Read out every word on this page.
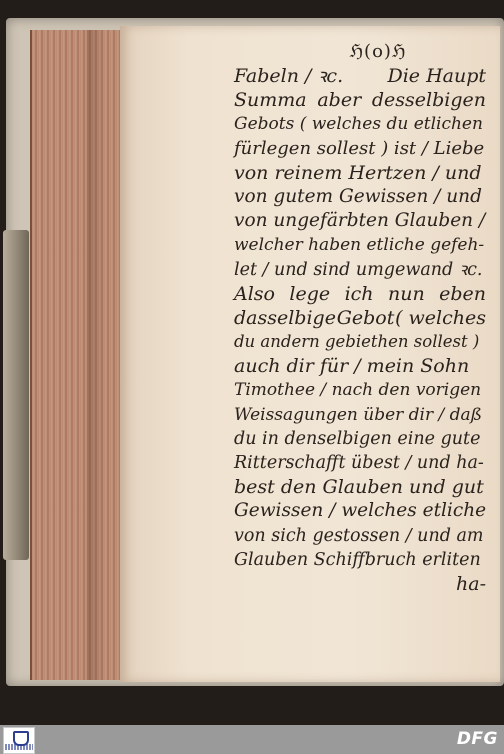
ℌ(o)ℌ
Fabeln / ꝛc. Die Haupt
Summa aber desselbigen
Gebots ( welches du etlichen
fürlegen sollest ) ist / Liebe
von reinem Hertzen / und
von gutem Gewissen / und
von ungefärbten Glauben /
welcher haben etliche gefeh-
let / und sind umgewand ꝛc.
Also lege ich nun eben
dasselbige Gebot ( welches
du andern gebiethen sollest )
auch dir für / mein Sohn
Timothee / nach den vorigen
Weissagungen über dir / daß
du in denselbigen eine gute
Ritterschafft übest / und ha-
best den Glauben und gut
Gewissen / welches etliche
von sich gestossen / und am
Glauben Schiffbruch erliten
ha-
DFG
